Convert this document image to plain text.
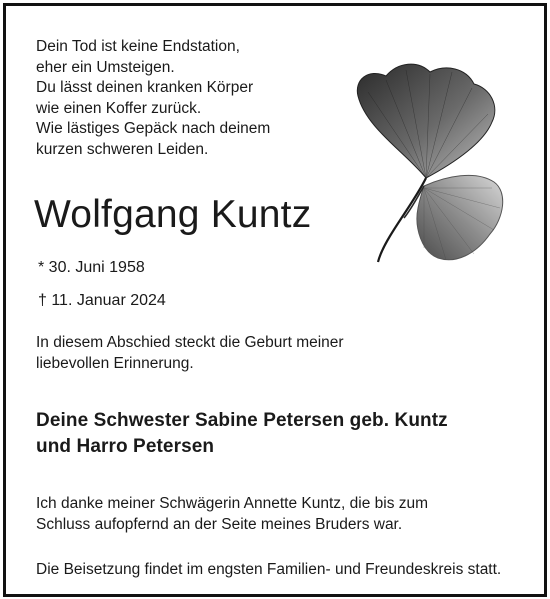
Dein Tod ist keine Endstation,
eher ein Umsteigen.
Du lässt deinen kranken Körper
wie einen Koffer zurück.
Wie lästiges Gepäck nach deinem
kurzen schweren Leiden.
Wolfgang Kuntz

* 30. Juni 1958

† 11. Januar 2024

In diesem Abschied steckt die Geburt meiner
liebevollen Erinnerung.
Deine Schwester Sabine Petersen geb. Kuntz
und Harro Petersen
Ich danke meiner Schwägerin Annette Kuntz, die bis zum
Schluss aufopfernd an der Seite meines Bruders war.

Die Beisetzung findet im engsten Familien- und Freundeskreis statt.
